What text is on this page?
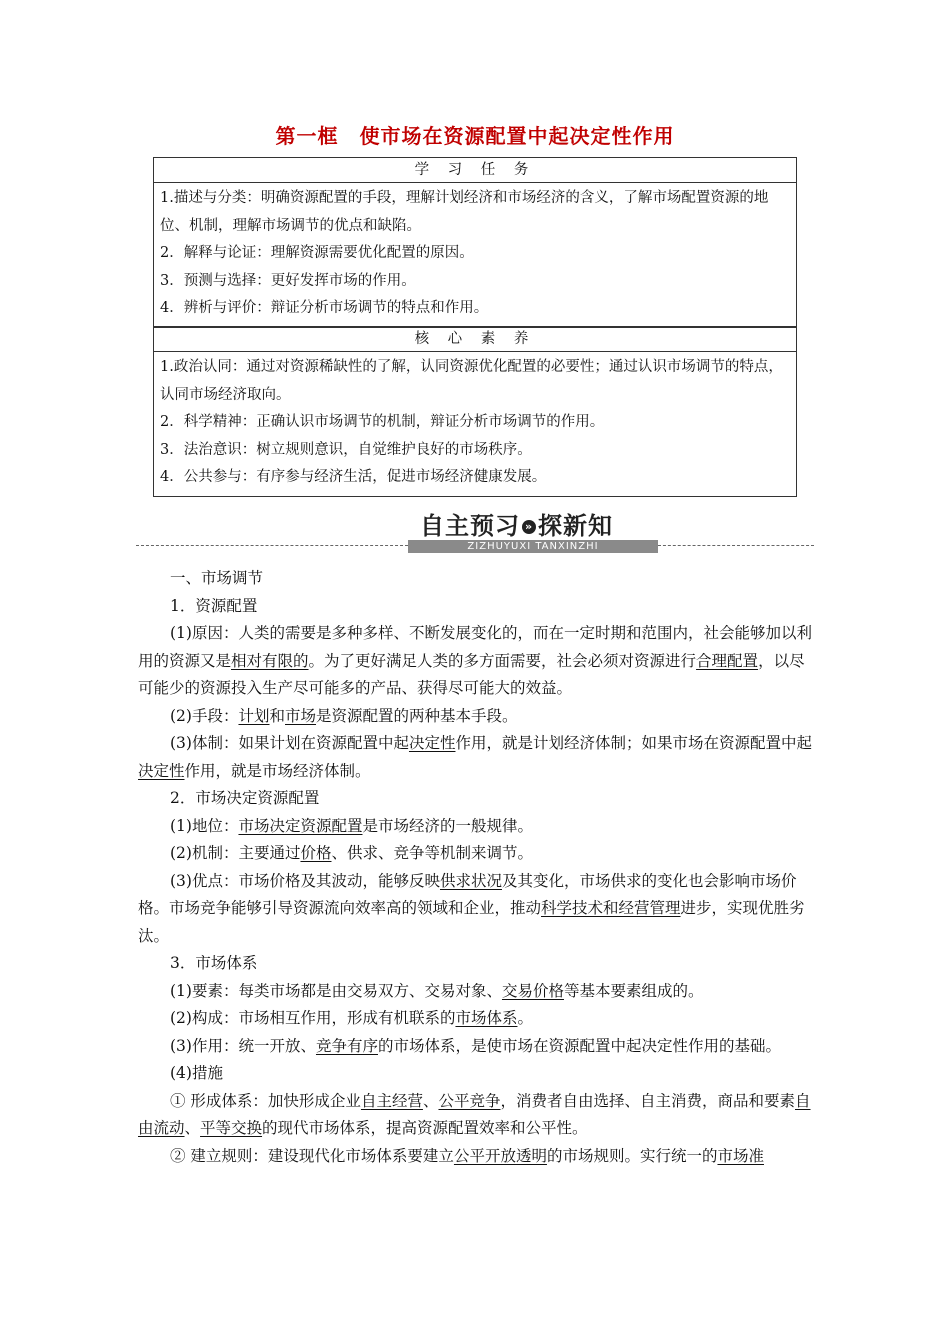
第一框　使市场在资源配置中起决定性作用
学 习 任 务
1.描述与分类：明确资源配置的手段，理解计划经济和市场经济的含义，了解市场配置资源的地位、机制，理解市场调节的优点和缺陷。
2．解释与论证：理解资源需要优化配置的原因。
3．预测与选择：更好发挥市场的作用。
4．辨析与评价：辩证分析市场调节的特点和作用。
核 心 素 养
1.政治认同：通过对资源稀缺性的了解，认同资源优化配置的必要性；通过认识市场调节的特点，认同市场经济取向。
2．科学精神：正确认识市场调节的机制，辩证分析市场调节的作用。
3．法治意识：树立规则意识，自觉维护良好的市场秩序。
4．公共参与：有序参与经济生活，促进市场经济健康发展。
自主预习 » 探新知
ZIZHUYUXI TANXINZHI

一、市场调节

1．资源配置

(1)原因：人类的需要是多种多样、不断发展变化的，而在一定时期和范围内，社会能够加以利用的资源又是相对有限的。为了更好满足人类的多方面需要，社会必须对资源进行合理配置，以尽可能少的资源投入生产尽可能多的产品、获得尽可能大的效益。

(2)手段：计划和市场是资源配置的两种基本手段。

(3)体制：如果计划在资源配置中起决定性作用，就是计划经济体制；如果市场在资源配置中起决定性作用，就是市场经济体制。

2．市场决定资源配置

(1)地位：市场决定资源配置是市场经济的一般规律。

(2)机制：主要通过价格、供求、竞争等机制来调节。

(3)优点：市场价格及其波动，能够反映供求状况及其变化，市场供求的变化也会影响市场价格。市场竞争能够引导资源流向效率高的领域和企业，推动科学技术和经营管理进步，实现优胜劣汰。

3．市场体系

(1)要素：每类市场都是由交易双方、交易对象、交易价格等基本要素组成的。

(2)构成：市场相互作用，形成有机联系的市场体系。

(3)作用：统一开放、竞争有序的市场体系，是使市场在资源配置中起决定性作用的基础。

(4)措施

① 形成体系：加快形成企业自主经营、公平竞争，消费者自由选择、自主消费，商品和要素自由流动、平等交换的现代市场体系，提高资源配置效率和公平性。

② 建立规则：建设现代化市场体系要建立公平开放透明的市场规则。实行统一的市场准
